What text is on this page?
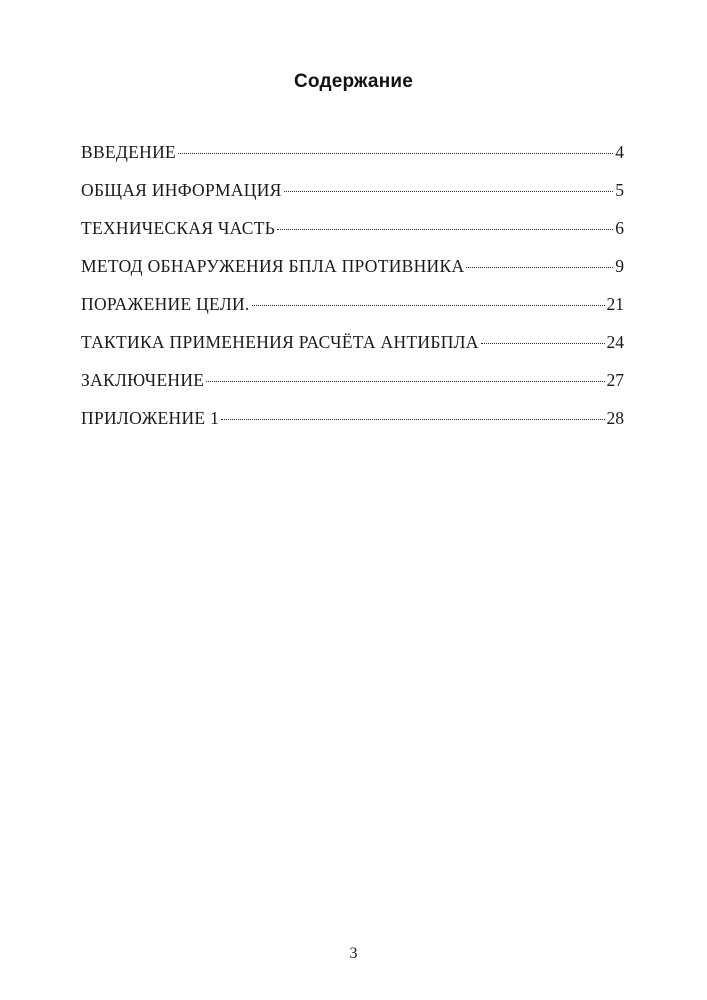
Содержание
ВВЕДЕНИЕ	4
ОБЩАЯ ИНФОРМАЦИЯ	5
ТЕХНИЧЕСКАЯ ЧАСТЬ	6
МЕТОД ОБНАРУЖЕНИЯ БПЛА ПРОТИВНИКА	9
ПОРАЖЕНИЕ ЦЕЛИ.	21
ТАКТИКА ПРИМЕНЕНИЯ РАСЧЁТА АНТИБПЛА	24
ЗАКЛЮЧЕНИЕ	27
ПРИЛОЖЕНИЕ 1	28
3
